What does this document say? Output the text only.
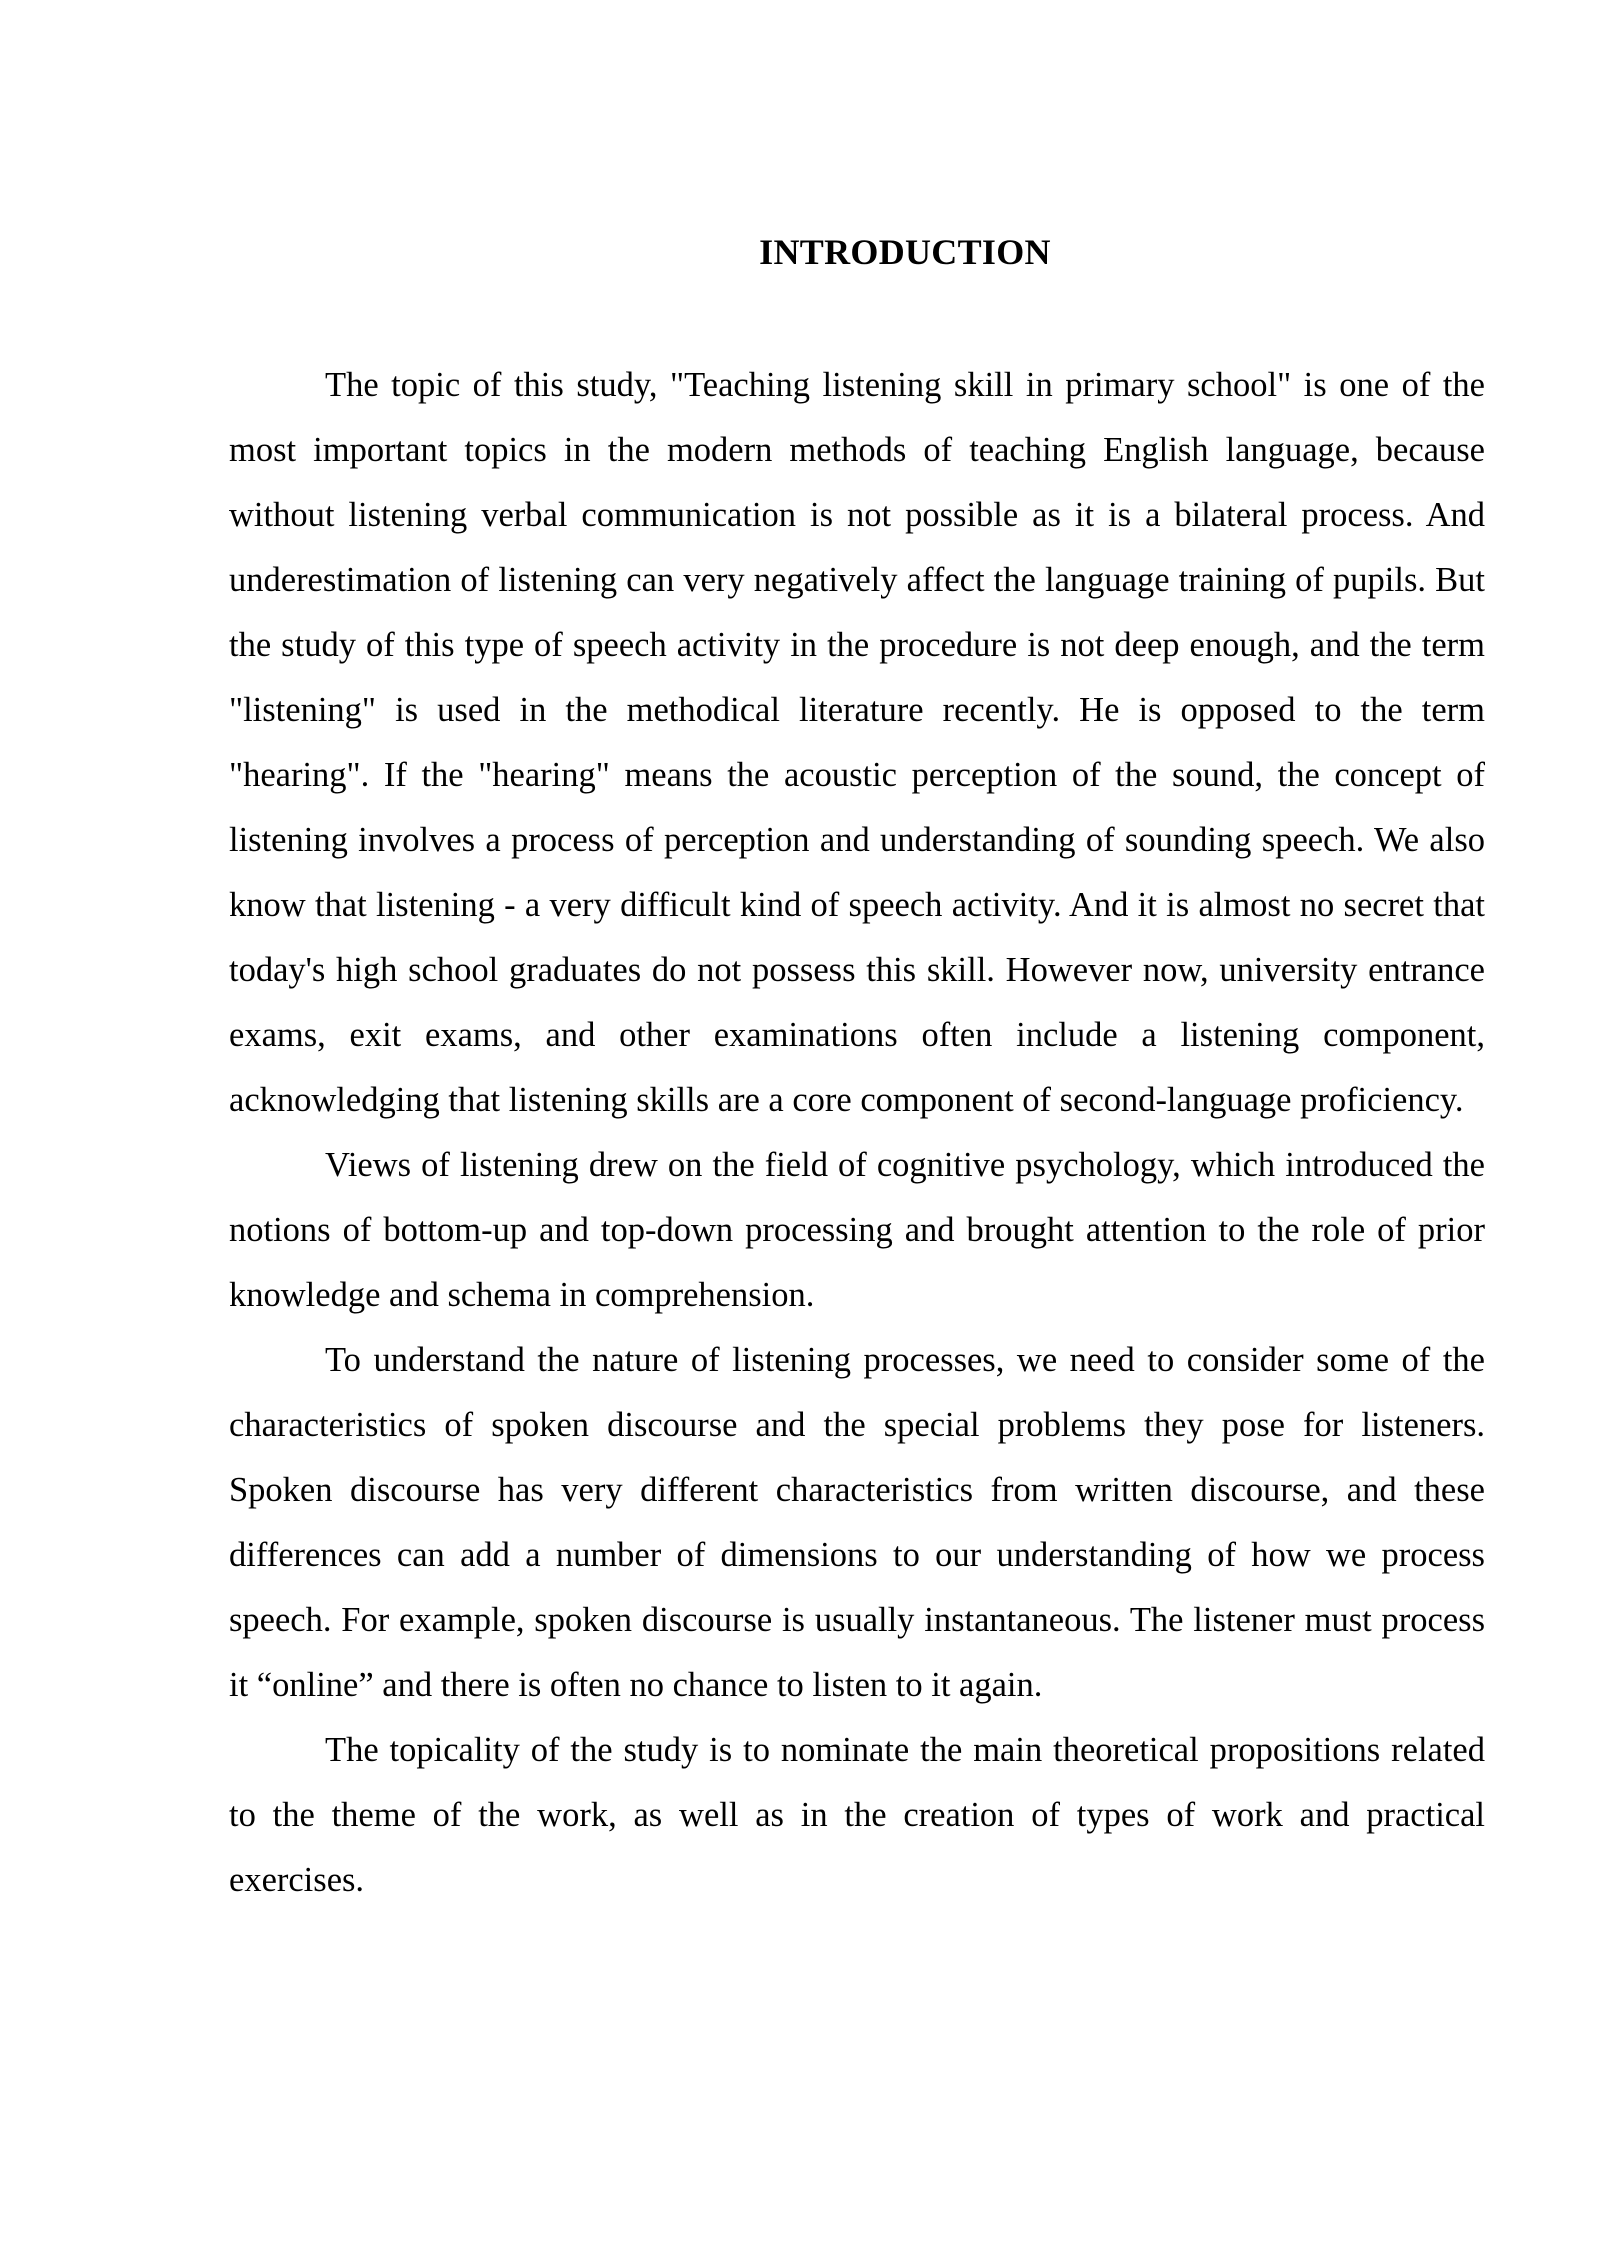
INTRODUCTION

The topic of this study, "Teaching listening skill in primary school" is one of the most important topics in the modern methods of teaching English language, because without listening verbal communication is not possible as it is a bilateral process. And underestimation of listening can very negatively affect the language training of pupils. But the study of this type of speech activity in the procedure is not deep enough, and the term "listening" is used in the methodical literature recently. He is opposed to the term "hearing". If the "hearing" means the acoustic perception of the sound, the concept of listening involves a process of perception and understanding of sounding speech. We also know that listening - a very difficult kind of speech activity. And it is almost no secret that today's high school graduates do not possess this skill. However now, university entrance exams, exit exams, and other examinations often include a listening component, acknowledging that listening skills are a core component of second-language proficiency.

Views of listening drew on the field of cognitive psychology, which introduced the notions of bottom-up and top-down processing and brought attention to the role of prior knowledge and schema in comprehension.

To understand the nature of listening processes, we need to consider some of the characteristics of spoken discourse and the special problems they pose for listeners. Spoken discourse has very different characteristics from written discourse, and these differences can add a number of dimensions to our understanding of how we process speech. For example, spoken discourse is usually instantaneous. The listener must process it “online” and there is often no chance to listen to it again.

The topicality of the study is to nominate the main theoretical propositions related to the theme of the work, as well as in the creation of types of work and practical exercises.
